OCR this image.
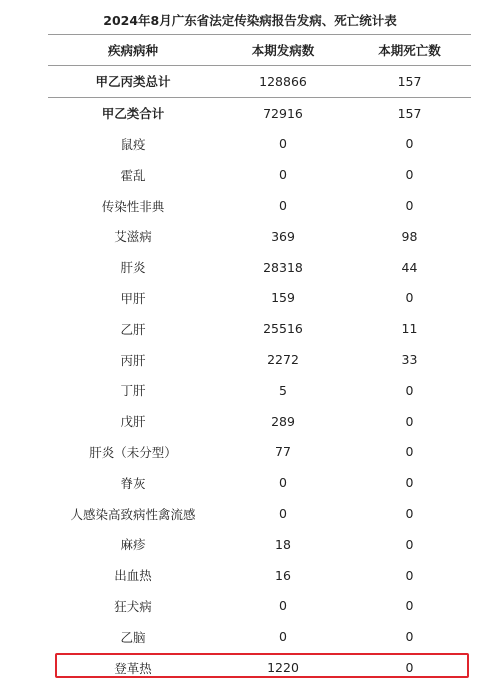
2024年8月广东省法定传染病报告发病、死亡统计表
疾病病种	本期发病数	本期死亡数
甲乙丙类总计	128866	157
甲乙类合计	72916	157
鼠疫	0	0
霍乱	0	0
传染性非典	0	0
艾滋病	369	98
肝炎	28318	44
甲肝	159	0
乙肝	25516	11
丙肝	2272	33
丁肝	5	0
戊肝	289	0
肝炎（未分型）	77	0
脊灰	0	0
人感染高致病性禽流感	0	0
麻疹	18	0
出血热	16	0
狂犬病	0	0
乙脑	0	0
登革热	1220	0
